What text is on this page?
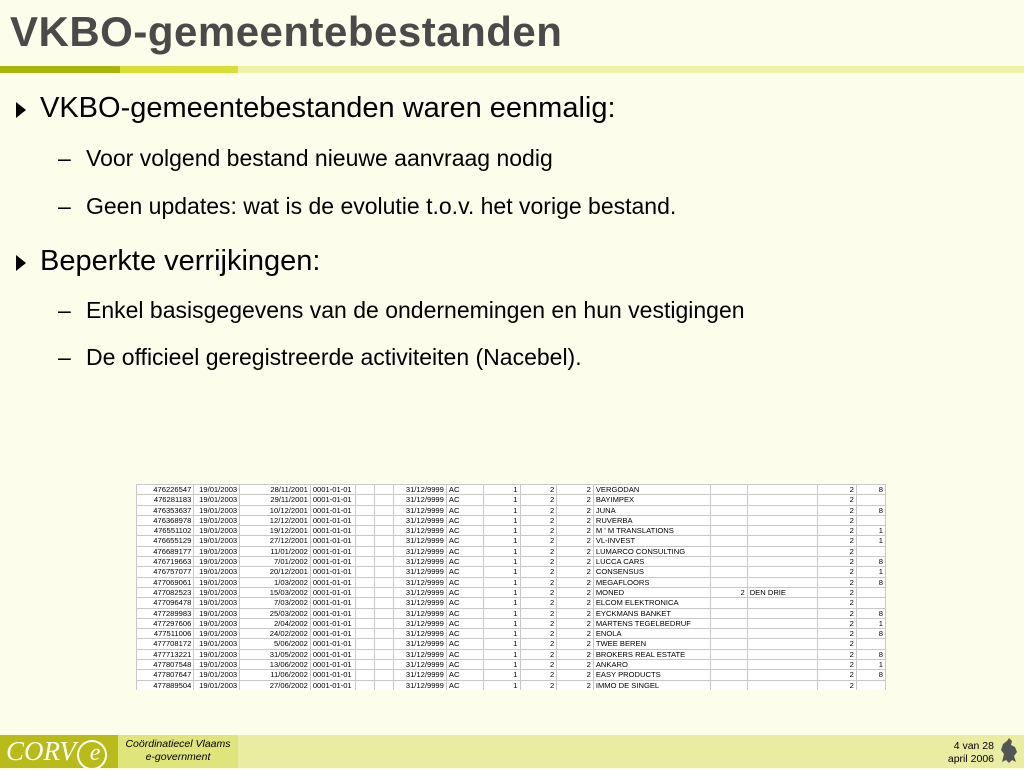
VKBO-gemeentebestanden
VKBO-gemeentebestanden waren eenmalig:
– Voor volgend bestand nieuwe aanvraag nodig
– Geen updates: wat is de evolutie t.o.v. het vorige bestand.
Beperkte verrijkingen:
– Enkel basisgegevens van de ondernemingen en hun vestigingen
– De officieel geregistreerde activiteiten (Nacebel).
476226547	19/01/2003	28/11/2001	0001-01-01			31/12/9999	AC	1	2	2	VERGODAN			2	8
476281183	19/01/2003	29/11/2001	0001-01-01			31/12/9999	AC	1	2	2	BAYIMPEX			2	
476353637	19/01/2003	10/12/2001	0001-01-01			31/12/9999	AC	1	2	2	JUNA			2	8
476368978	19/01/2003	12/12/2001	0001-01-01			31/12/9999	AC	1	2	2	RUVERBA			2	
476551102	19/01/2003	19/12/2001	0001-01-01			31/12/9999	AC	1	2	2	M ' M TRANSLATIONS			2	1
476655129	19/01/2003	27/12/2001	0001-01-01			31/12/9999	AC	1	2	2	VL-INVEST			2	1
476689177	19/01/2003	11/01/2002	0001-01-01			31/12/9999	AC	1	2	2	LUMARCO CONSULTING			2	
476719663	19/01/2003	7/01/2002	0001-01-01			31/12/9999	AC	1	2	2	LUCCA CARS			2	8
476757077	19/01/2003	20/12/2001	0001-01-01			31/12/9999	AC	1	2	2	CONSENSUS			2	1
477069061	19/01/2003	1/03/2002	0001-01-01			31/12/9999	AC	1	2	2	MEGAFLOORS			2	8
477082523	19/01/2003	15/03/2002	0001-01-01			31/12/9999	AC	1	2	2	MONED	2	DEN DRIE	2	
477096478	19/01/2003	7/03/2002	0001-01-01			31/12/9999	AC	1	2	2	ELCOM ELEKTRONICA			2	
477289983	19/01/2003	25/03/2002	0001-01-01			31/12/9999	AC	1	2	2	EYCKMANS BANKET			2	8
477297606	19/01/2003	2/04/2002	0001-01-01			31/12/9999	AC	1	2	2	MARTENS TEGELBEDRUF			2	1
477511006	19/01/2003	24/02/2002	0001-01-01			31/12/9999	AC	1	2	2	ENOLA			2	8
477708172	19/01/2003	5/06/2002	0001-01-01			31/12/9999	AC	1	2	2	TWEE BEREN			2	
477713221	19/01/2003	31/05/2002	0001-01-01			31/12/9999	AC	1	2	2	BROKERS REAL ESTATE			2	8
477807548	19/01/2003	13/06/2002	0001-01-01			31/12/9999	AC	1	2	2	ANKARO			2	1
477807647	19/01/2003	11/06/2002	0001-01-01			31/12/9999	AC	1	2	2	EASY PRODUCTS			2	8
477889504	19/01/2003	27/06/2002	0001-01-01			31/12/9999	AC	1	2	2	IMMO DE SINGEL			2	
CORV e	Coördinatiecel Vlaams
e-government
4 van 28
april 2006
